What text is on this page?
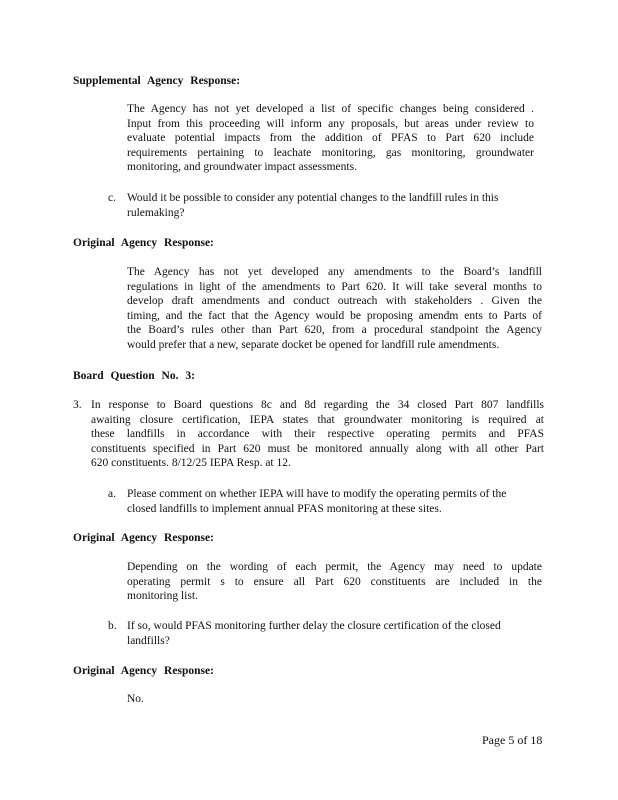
Supplemental Agency Response:
The Agency has not yet developed a list of specific changes being considered .
Input from this proceeding will inform any proposals, but areas under review to
evaluate potential impacts from the addition of PFAS to Part 620 include
requirements pertaining to leachate monitoring, gas monitoring, groundwater
monitoring, and groundwater impact assessments.
c. Would it be possible to consider any potential changes to the landfill rules in this
rulemaking?
Original Agency Response:
The Agency has not yet developed any amendments to the Board’s landfill
regulations in light of the amendments to Part 620. It will take several months to
develop draft amendments and conduct outreach with stakeholders . Given the
timing, and the fact that the Agency would be proposing amendm ents to Parts of
the Board’s rules other than Part 620, from a procedural standpoint the Agency
would prefer that a new, separate docket be opened for landfill rule amendments.
Board Question No. 3:
3. In response to Board questions 8c and 8d regarding the 34 closed Part 807 landfills
awaiting closure certification, IEPA states that groundwater monitoring is required at
these landfills in accordance with their respective operating permits and PFAS
constituents specified in Part 620 must be monitored annually along with all other Part
620 constituents. 8/12/25 IEPA Resp. at 12.
a. Please comment on whether IEPA will have to modify the operating permits of the
closed landfills to implement annual PFAS monitoring at these sites.
Original Agency Response:
Depending on the wording of each permit, the Agency may need to update
operating permit s to ensure all Part 620 constituents are included in the
monitoring list.
b. If so, would PFAS monitoring further delay the closure certification of the closed
landfills?
Original Agency Response:
No.
Page 5 of 18
